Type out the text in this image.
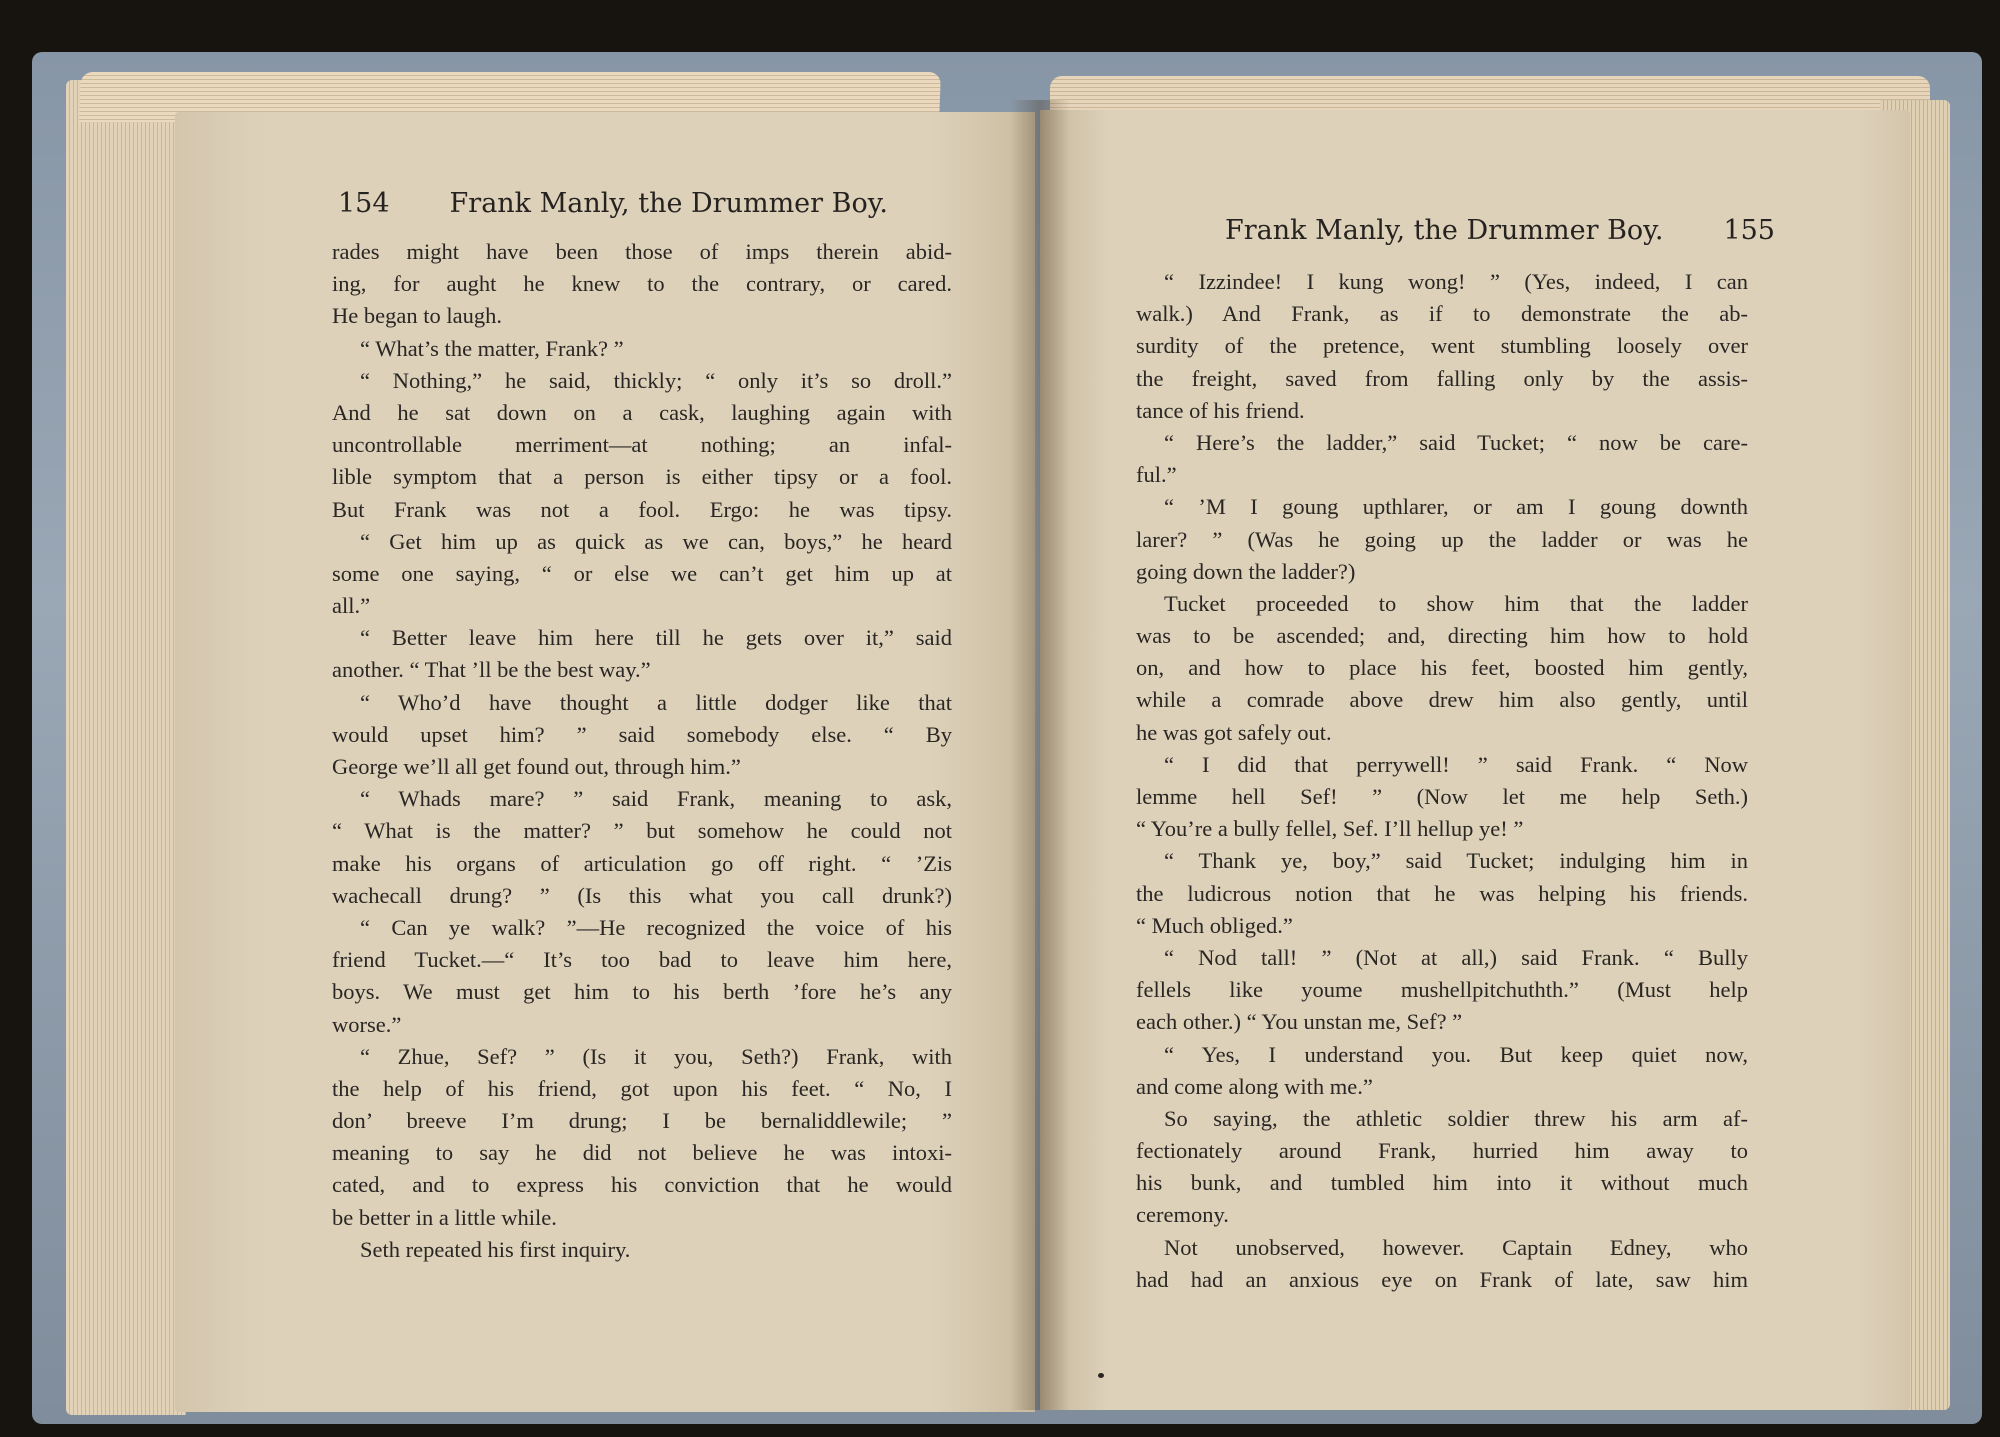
154 Frank Manly, the Drummer Boy.
Frank Manly, the Drummer Boy. 155
rades might have been those of imps therein abid-
ing, for aught he knew to the contrary, or cared.
He began to laugh.
“ What’s the matter, Frank? ”
“ Nothing,” he said, thickly; “ only it’s so droll.”
And he sat down on a cask, laughing again with
uncontrollable merriment—at nothing; an infal-
lible symptom that a person is either tipsy or a fool.
But Frank was not a fool. Ergo: he was tipsy.
“ Get him up as quick as we can, boys,” he heard
some one saying, “ or else we can’t get him up at
all.”
“ Better leave him here till he gets over it,” said
another. “ That ’ll be the best way.”
“ Who’d have thought a little dodger like that
would upset him? ” said somebody else. “ By
George we’ll all get found out, through him.”
“ Whads mare? ” said Frank, meaning to ask,
“ What is the matter? ” but somehow he could not
make his organs of articulation go off right. “ ’Zis
wachecall drung? ” (Is this what you call drunk?)
“ Can ye walk? ”—He recognized the voice of his
friend Tucket.—“ It’s too bad to leave him here,
boys. We must get him to his berth ’fore he’s any
worse.”
“ Zhue, Sef? ” (Is it you, Seth?) Frank, with
the help of his friend, got upon his feet. “ No, I
don’ breeve I’m drung; I be bernaliddlewile; ”
meaning to say he did not believe he was intoxi-
cated, and to express his conviction that he would
be better in a little while.
Seth repeated his first inquiry.
“ Izzindee! I kung wong! ” (Yes, indeed, I can
walk.) And Frank, as if to demonstrate the ab-
surdity of the pretence, went stumbling loosely over
the freight, saved from falling only by the assis-
tance of his friend.
“ Here’s the ladder,” said Tucket; “ now be care-
ful.”
“ ’M I goung upthlarer, or am I goung downth
larer? ” (Was he going up the ladder or was he
going down the ladder?)
Tucket proceeded to show him that the ladder
was to be ascended; and, directing him how to hold
on, and how to place his feet, boosted him gently,
while a comrade above drew him also gently, until
he was got safely out.
“ I did that perrywell! ” said Frank. “ Now
lemme hell Sef! ” (Now let me help Seth.)
“ You’re a bully fellel, Sef. I’ll hellup ye! ”
“ Thank ye, boy,” said Tucket; indulging him in
the ludicrous notion that he was helping his friends.
“ Much obliged.”
“ Nod tall! ” (Not at all,) said Frank. “ Bully
fellels like youme mushellpitchuthth.” (Must help
each other.) “ You unstan me, Sef? ”
“ Yes, I understand you. But keep quiet now,
and come along with me.”
So saying, the athletic soldier threw his arm af-
fectionately around Frank, hurried him away to
his bunk, and tumbled him into it without much
ceremony.
Not unobserved, however. Captain Edney, who
had had an anxious eye on Frank of late, saw him
